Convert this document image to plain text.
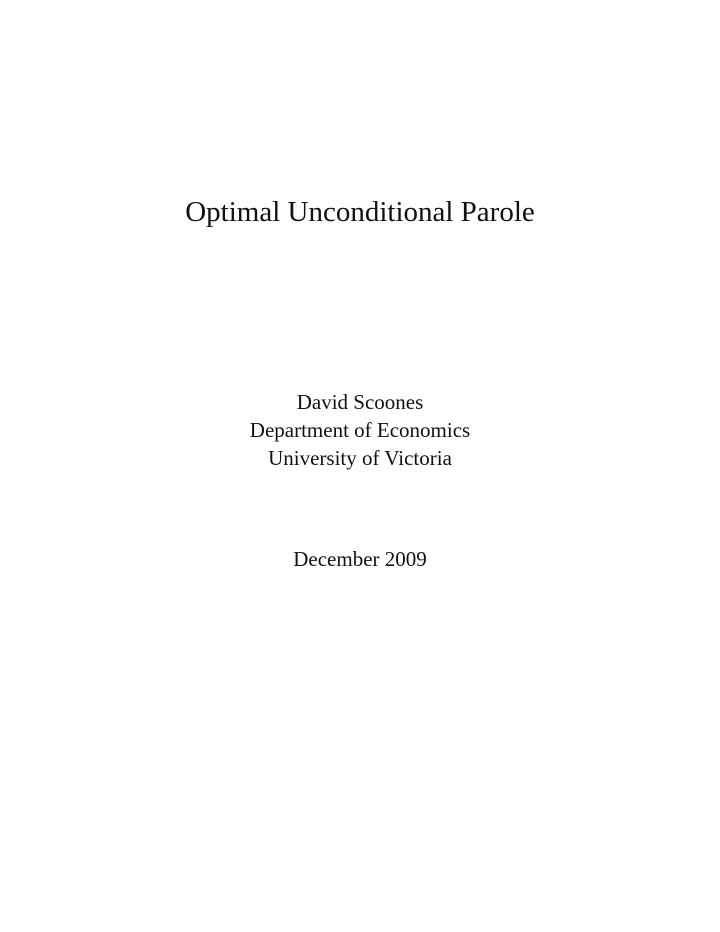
Optimal Unconditional Parole
David Scoones
Department of Economics
University of Victoria
December 2009
